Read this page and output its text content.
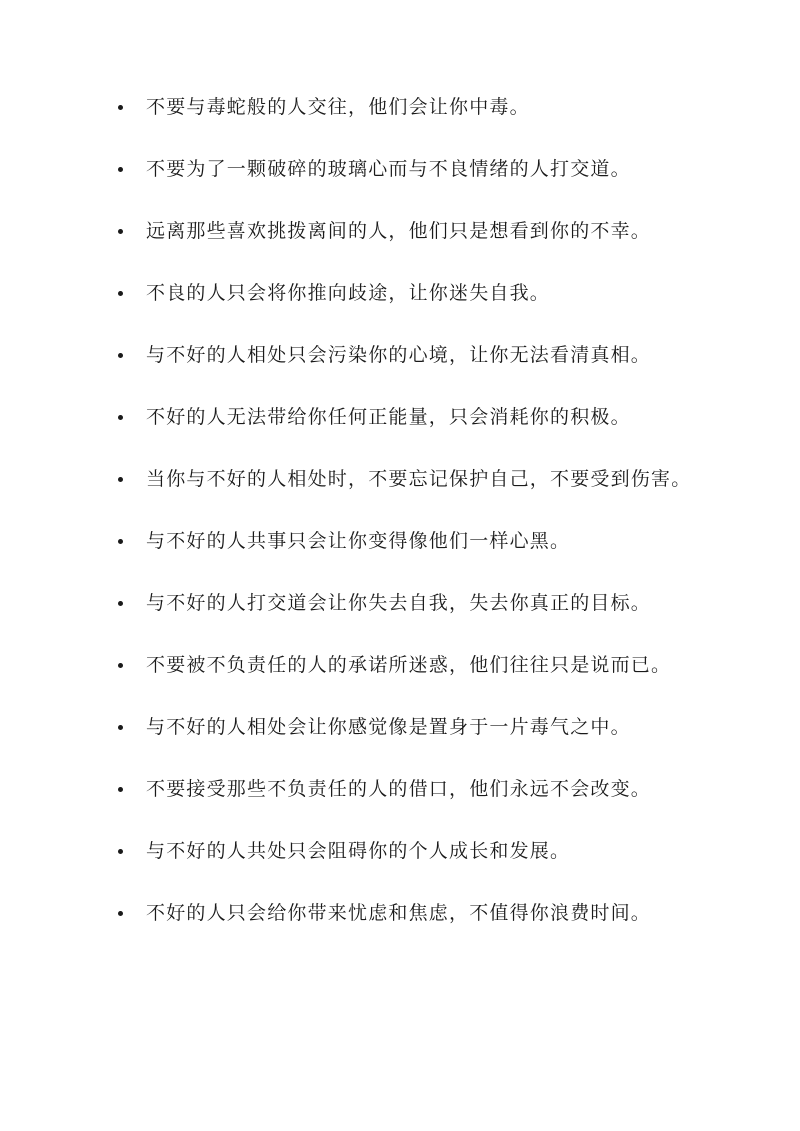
不要与毒蛇般的人交往，他们会让你中毒。
不要为了一颗破碎的玻璃心而与不良情绪的人打交道。
远离那些喜欢挑拨离间的人，他们只是想看到你的不幸。
不良的人只会将你推向歧途，让你迷失自我。
与不好的人相处只会污染你的心境，让你无法看清真相。
不好的人无法带给你任何正能量，只会消耗你的积极。
当你与不好的人相处时，不要忘记保护自己，不要受到伤害。
与不好的人共事只会让你变得像他们一样心黑。
与不好的人打交道会让你失去自我，失去你真正的目标。
不要被不负责任的人的承诺所迷惑，他们往往只是说而已。
与不好的人相处会让你感觉像是置身于一片毒气之中。
不要接受那些不负责任的人的借口，他们永远不会改变。
与不好的人共处只会阻碍你的个人成长和发展。
不好的人只会给你带来忧虑和焦虑，不值得你浪费时间。
